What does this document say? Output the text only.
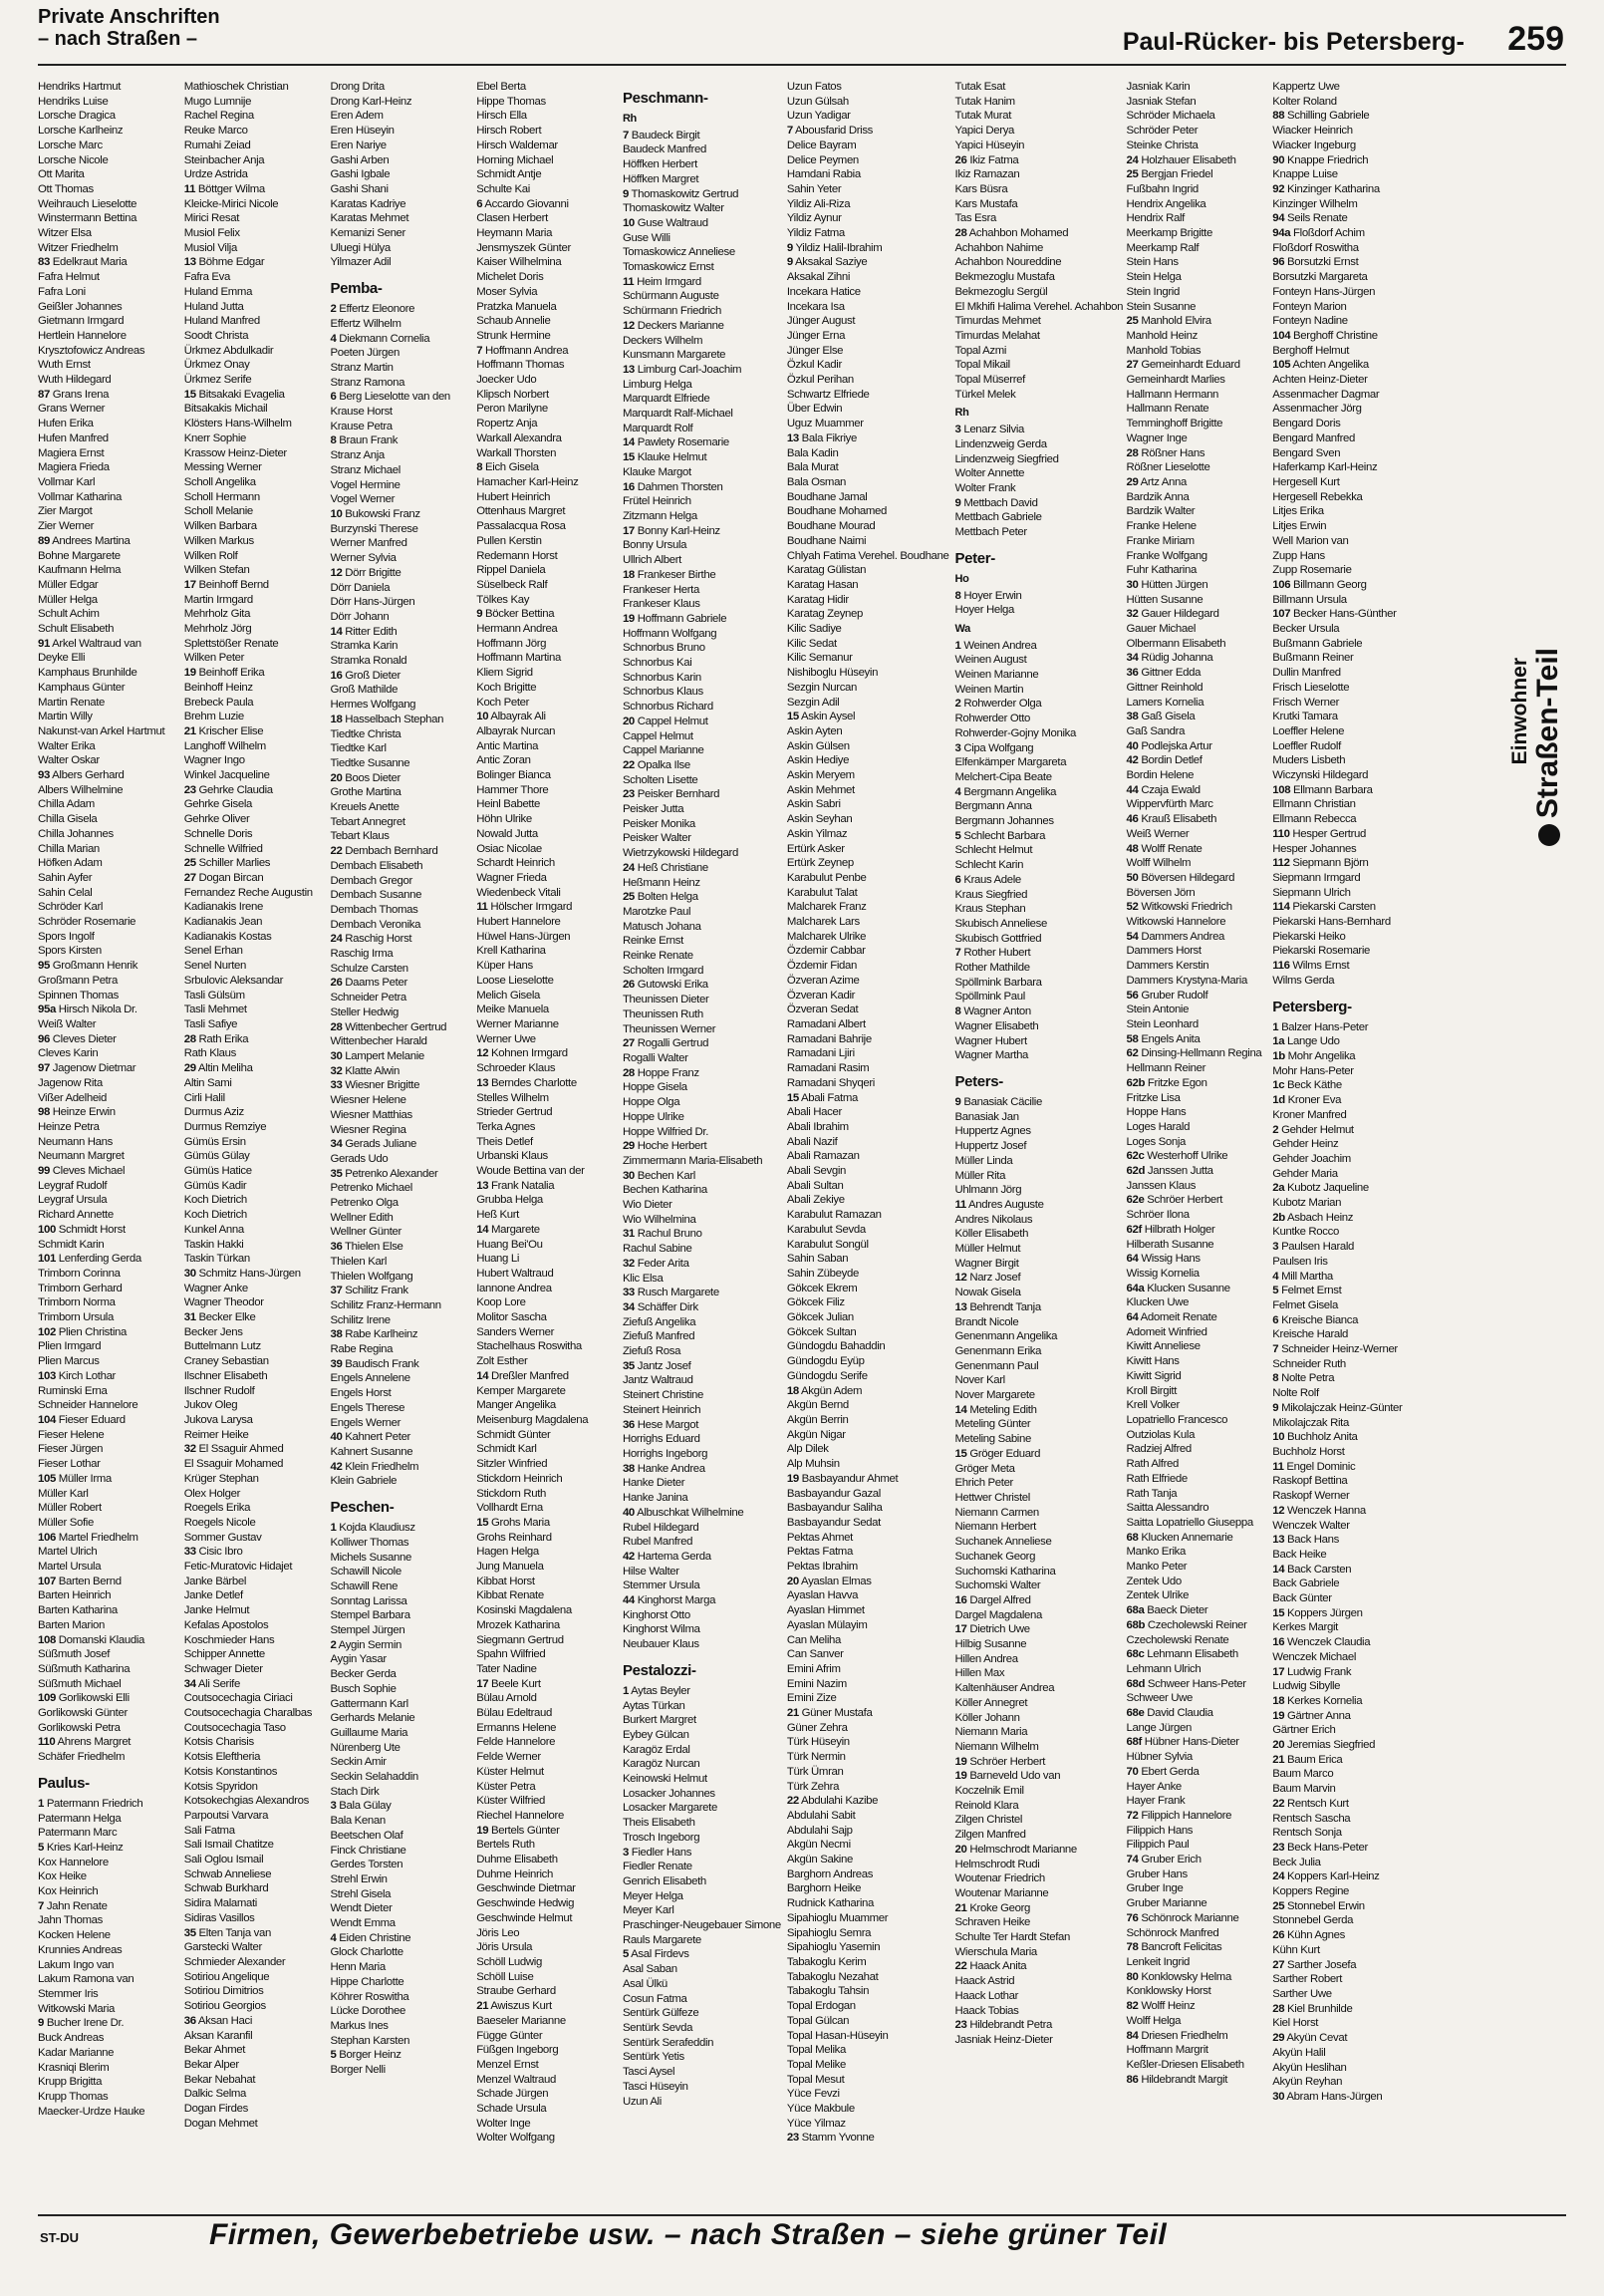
Private Anschriften
– nach Straßen –	Paul-Rücker- bis Petersberg- 259
Hendriks Hartmut
Hendriks Luise
Lorsche Dragica
Lorsche Karlheinz
Lorsche Marc
Lorsche Nicole
Ott Marita
Ott Thomas
Weihrauch Lieselotte
Winstermann Bettina
Witzer Elsa
Witzer Friedhelm
83 Edelkraut Maria
Fafra Helmut
Fafra Loni
Geißler Johannes
Gietmann Irmgard
Hertlein Hannelore
Krysztofowicz Andreas
Wuth Ernst
Wuth Hildegard
87 Grans Irena
Grans Werner
Hufen Erika
Hufen Manfred
Magiera Ernst
Magiera Frieda
Vollmar Karl
Vollmar Katharina
Zier Margot
Zier Werner
89 Andrees Martina
Bohne Margarete
Kaufmann Helma
Müller Edgar
Müller Helga
Schult Achim
Schult Elisabeth
91 Arkel Waltraud van
Deyke Elli
Kamphaus Brunhilde
Kamphaus Günter
Martin Renate
Martin Willy
Nakunst-van Arkel Hartmut
Walter Erika
Walter Oskar
93 Albers Gerhard
Albers Wilhelmine
Chilla Adam
Chilla Gisela
Chilla Johannes
Chilla Marian
Höfken Adam
Sahin Ayfer
Sahin Celal
Schröder Karl
Schröder Rosemarie
Spors Ingolf
Spors Kirsten
95 Großmann Henrik
Großmann Petra
Spinnen Thomas
95a Hirsch Nikola Dr.
Weiß Walter
96 Cleves Dieter
Cleves Karin
97 Jagenow Dietmar
Jagenow Rita
Vißer Adelheid
98 Heinze Erwin
Heinze Petra
Neumann Hans
Neumann Margret
99 Cleves Michael
Leygraf Rudolf
Leygraf Ursula
Richard Annette
100 Schmidt Horst
Schmidt Karin
101 Lenferding Gerda
Trimborn Corinna
Trimborn Gerhard
Trimborn Norma
Trimborn Ursula
102 Plien Christina
Plien Irmgard
Plien Marcus
103 Kirch Lothar
Ruminski Erna
Schneider Hannelore
104 Fieser Eduard
Fieser Helene
Fieser Jürgen
Fieser Lothar
105 Müller Irma
Müller Karl
Müller Robert
Müller Sofie
106 Martel Friedhelm
Martel Ulrich
Martel Ursula
107 Barten Bernd
Barten Heinrich
Barten Katharina
Barten Marion
108 Domanski Klaudia
Süßmuth Josef
Süßmuth Katharina
Süßmuth Michael
109 Gorlikowski Elli
Gorlikowski Günter
Gorlikowski Petra
110 Ahrens Margret
Schäfer Friedhelm
Paulus-
1 Patermann Friedrich
Patermann Helga
Patermann Marc
5 Kries Karl-Heinz
Kox Hannelore
Kox Heike
Kox Heinrich
7 Jahn Renate
Jahn Thomas
Kocken Helene
Krunnies Andreas
Lakum Ingo van
Lakum Ramona van
Stemmer Iris
Witkowski Maria
9 Bucher Irene Dr.
Buck Andreas
Kadar Marianne
Krasniqi Blerim
Krupp Brigitta
Krupp Thomas
Maecker-Urdze Hauke
Mathioschek Christian
Mugo Lumnije
Rachel Regina
Reuke Marco
Rumahi Zeiad
Steinbacher Anja
Urdze Astrida
11 Böttger Wilma
Kleicke-Mirici Nicole
Mirici Resat
Musiol Felix
Musiol Vilja
13 Böhme Edgar
Fafra Eva
Huland Emma
Huland Jutta
Huland Manfred
Soodt Christa
Ürkmez Abdulkadir
Ürkmez Onay
Ürkmez Serife
15 Bitsakaki Evagelia
Bitsakakis Michail
Klösters Hans-Wilhelm
Knerr Sophie
Krassow Heinz-Dieter
Messing Werner
Scholl Angelika
Scholl Hermann
Scholl Melanie
Wilken Barbara
Wilken Markus
Wilken Rolf
Wilken Stefan
17 Beinhoff Bernd
Martin Irmgard
Mehrholz Gita
Mehrholz Jörg
Splettstößer Renate
Wilken Peter
19 Beinhoff Erika
Beinhoff Heinz
Brebeck Paula
Brehm Luzie
21 Krischer Elise
Langhoff Wilhelm
Wagner Ingo
Winkel Jacqueline
23 Gehrke Claudia
Gehrke Gisela
Gehrke Oliver
Schnelle Doris
Schnelle Wilfried
25 Schiller Marlies
27 Dogan Bircan
Fernandez Reche Augustin
Kadianakis Irene
Kadianakis Jean
Kadianakis Kostas
Senel Erhan
Senel Nurten
Srbulovic Aleksandar
Tasli Gülsüm
Tasli Mehmet
Tasli Safiye
28 Rath Erika
Rath Klaus
29 Altin Meliha
Altin Sami
Cirli Halil
Durmus Aziz
Durmus Remziye
Gümüs Ersin
Gümüs Gülay
Gümüs Hatice
Gümüs Kadir
Koch Dietrich
Koch Dietrich
Kunkel Anna
Taskin Hakki
Taskin Türkan
30 Schmitz Hans-Jürgen
Wagner Anke
Wagner Theodor
31 Becker Elke
Becker Jens
Buttelmann Lutz
Craney Sebastian
Ilschner Elisabeth
Ilschner Rudolf
Jukov Oleg
Jukova Larysa
Reimer Heike
32 El Ssaguir Ahmed
El Ssaguir Mohamed
Krüger Stephan
Olex Holger
Roegels Erika
Roegels Nicole
Sommer Gustav
33 Cisic Ibro
Fetic-Muratovic Hidajet
Janke Bärbel
Janke Detlef
Janke Helmut
Kefalas Apostolos
Koschmieder Hans
Schipper Annette
Schwager Dieter
34 Ali Serife
Coutsocechagia Ciriaci
Coutsocechagia Charalbas
Coutsocechagia Taso
Kotsis Charisis
Kotsis Eleftheria
Kotsis Konstantinos
Kotsis Spyridon
Kotsokechgias Alexandros
Parpoutsi Varvara
Sali Fatma
Sali Ismail Chatitze
Sali Oglou Ismail
Schwab Anneliese
Schwab Burkhard
Sidira Malamati
Sidiras Vasillos
35 Elten Tanja van
Garstecki Walter
Schmieder Alexander
Sotiriou Angelique
Sotiriou Dimitrios
Sotiriou Georgios
36 Aksan Haci
Aksan Karanfil
Bekar Ahmet
Bekar Alper
Bekar Nebahat
Dalkic Selma
Dogan Firdes
Dogan Mehmet
Drong Drita
Drong Karl-Heinz
Eren Adem
Eren Hüseyin
Eren Nariye
Gashi Arben
Gashi Igbale
Gashi Shani
Karatas Kadriye
Karatas Mehmet
Kemanizi Sener
Uluegi Hülya
Yilmazer Adil
Pemba-
2 Effertz Eleonore
Effertz Wilhelm
4 Diekmann Cornelia
Poeten Jürgen
Stranz Martin
Stranz Ramona
6 Berg Lieselotte van den
Krause Horst
Krause Petra
8 Braun Frank
Stranz Anja
Stranz Michael
Vogel Hermine
Vogel Werner
10 Bukowski Franz
Burzynski Therese
Werner Manfred
Werner Sylvia
12 Dörr Brigitte
Dörr Daniela
Dörr Hans-Jürgen
Dörr Johann
14 Ritter Edith
Stramka Karin
Stramka Ronald
16 Groß Dieter
Groß Mathilde
Hermes Wolfgang
18 Hasselbach Stephan
Tiedtke Christa
Tiedtke Karl
Tiedtke Susanne
20 Boos Dieter
Grothe Martina
Kreuels Anette
Tebart Annegret
Tebart Klaus
22 Dembach Bernhard
Dembach Elisabeth
Dembach Gregor
Dembach Susanne
Dembach Thomas
Dembach Veronika
24 Raschig Horst
Raschig Irma
Schulze Carsten
26 Daams Peter
Schneider Petra
Steller Hedwig
28 Wittenbecher Gertrud
Wittenbecher Harald
30 Lampert Melanie
32 Klatte Alwin
33 Wiesner Brigitte
Wiesner Helene
Wiesner Matthias
Wiesner Regina
34 Gerads Juliane
Gerads Udo
35 Petrenko Alexander
Petrenko Michael
Petrenko Olga
Wellner Edith
Wellner Günter
36 Thielen Else
Thielen Karl
Thielen Wolfgang
37 Schilitz Frank
Schilitz Franz-Hermann
Schilitz Irene
38 Rabe Karlheinz
Rabe Regina
39 Baudisch Frank
Engels Annelene
Engels Horst
Engels Therese
Engels Werner
40 Kahnert Peter
Kahnert Susanne
42 Klein Friedhelm
Klein Gabriele
Peschen-
1 Kojda Klaudiusz
Kolliwer Thomas
Michels Susanne
Schawill Nicole
Schawill Rene
Sonntag Larissa
Stempel Barbara
Stempel Jürgen
2 Aygin Sermin
Aygin Yasar
Becker Gerda
Busch Sophie
Gattermann Karl
Gerhards Melanie
Guillaume Maria
Nürenberg Ute
Seckin Amir
Seckin Selahaddin
Stach Dirk
3 Bala Gülay
Bala Kenan
Beetschen Olaf
Finck Christiane
Gerdes Torsten
Strehl Erwin
Strehl Gisela
Wendt Dieter
Wendt Emma
4 Eiden Christine
Glock Charlotte
Henn Maria
Hippe Charlotte
Köhrer Roswitha
Lücke Dorothee
Markus Ines
Stephan Karsten
5 Borger Heinz
Borger Nelli
Ebel Berta
Hippe Thomas
Hirsch Ella
Hirsch Robert
Hirsch Waldemar
Horning Michael
Schmidt Antje
Schulte Kai
6 Accardo Giovanni
Clasen Herbert
Heymann Maria
Jensmyszek Günter
Kaiser Wilhelmina
Michelet Doris
Moser Sylvia
Pratzka Manuela
Schaub Annelie
Strunk Hermine
7 Hoffmann Andrea
Hoffmann Thomas
Joecker Udo
Klipsch Norbert
Peron Marilyne
Ropertz Anja
Warkall Alexandra
Warkall Thorsten
8 Eich Gisela
Hamacher Karl-Heinz
Hubert Heinrich
Ottenhaus Margret
Passalacqua Rosa
Pullen Kerstin
Redemann Horst
Rippel Daniela
Süselbeck Ralf
Tölkes Kay
9 Böcker Bettina
Hermann Andrea
Hoffmann Jörg
Hoffmann Martina
Kliem Sigrid
Koch Brigitte
Koch Peter
10 Albayrak Ali
Albayrak Nurcan
Antic Martina
Antic Zoran
Bolinger Bianca
Hammer Thore
Heinl Babette
Höhn Ulrike
Nowald Jutta
Osiac Nicolae
Schardt Heinrich
Wagner Frieda
Wiedenbeck Vitali
11 Hölscher Irmgard
Hubert Hannelore
Hüwel Hans-Jürgen
Krell Katharina
Küper Hans
Loose Lieselotte
Melich Gisela
Meike Manuela
Werner Marianne
Werner Uwe
12 Kohnen Irmgard
Schroeder Klaus
13 Berndes Charlotte
Stelles Wilhelm
Strieder Gertrud
Terka Agnes
Theis Detlef
Urbanski Klaus
Woude Bettina van der
13 Frank Natalia
Grubba Helga
Heß Kurt
14 Margarete
Huang Bei'Ou
Huang Li
Hubert Waltraud
Iannone Andrea
Koop Lore
Molitor Sascha
Sanders Werner
Stachelhaus Roswitha
Zolt Esther
14 Dreßler Manfred
Kemper Margarete
Manger Angelika
Meisenburg Magdalena
Schmidt Günter
Schmidt Karl
Sitzler Winfried
Stickdorn Heinrich
Stickdorn Ruth
Vollhardt Erna
15 Grohs Maria
Grohs Reinhard
Hagen Helga
Jung Manuela
Kibbat Horst
Kibbat Renate
Kosinski Magdalena
Mrozek Katharina
Siegmann Gertrud
Spahn Wilfried
Tater Nadine
17 Beele Kurt
Bülau Arnold
Bülau Edeltraud
Ermanns Helene
Felde Hannelore
Felde Werner
Küster Helmut
Küster Petra
Küster Wilfried
Riechel Hannelore
19 Bertels Günter
Bertels Ruth
Duhme Elisabeth
Duhme Heinrich
Geschwinde Dietmar
Geschwinde Hedwig
Geschwinde Helmut
Jöris Leo
Jöris Ursula
Schöll Ludwig
Schöll Luise
Straube Gerhard
21 Awiszus Kurt
Baeseler Marianne
Függe Günter
Füßgen Ingeborg
Menzel Ernst
Menzel Waltraud
Schade Jürgen
Schade Ursula
Wolter Inge
Wolter Wolfgang
Peschmann-
Rh
7 Baudeck Birgit
Baudeck Manfred
Höffken Herbert
Höffken Margret
9 Thomaskowitz Gertrud
Thomaskowitz Walter
10 Guse Waltraud
Guse Willi
Tomaskowicz Anneliese
Tomaskowicz Ernst
11 Heim Irmgard
Schürmann Auguste
Schürmann Friedrich
12 Deckers Marianne
Deckers Wilhelm
Kunsmann Margarete
13 Limburg Carl-Joachim
Limburg Helga
Marquardt Elfriede
Marquardt Ralf-Michael
Marquardt Rolf
14 Pawlety Rosemarie
15 Klauke Helmut
Klauke Margot
16 Dahmen Thorsten
Frütel Heinrich
Zitzmann Helga
17 Bonny Karl-Heinz
Bonny Ursula
Ullrich Albert
18 Frankeser Birthe
Frankeser Herta
Frankeser Klaus
19 Hoffmann Gabriele
Hoffmann Wolfgang
Schnorbus Bruno
Schnorbus Kai
Schnorbus Karin
Schnorbus Klaus
Schnorbus Richard
20 Cappel Helmut
Cappel Helmut
Cappel Marianne
22 Opalka Ilse
Scholten Lisette
23 Peisker Bernhard
Peisker Jutta
Peisker Monika
Peisker Walter
Wietrzykowski Hildegard
24 Heß Christiane
Heßmann Heinz
25 Bolten Helga
Marotzke Paul
Matusch Johana
Reinke Ernst
Reinke Renate
Scholten Irmgard
26 Gutowski Erika
Theunissen Dieter
Theunissen Ruth
Theunissen Werner
27 Rogalli Gertrud
Rogalli Walter
28 Hoppe Franz
Hoppe Gisela
Hoppe Olga
Hoppe Ulrike
Hoppe Wilfried Dr.
29 Hoche Herbert
Zimmermann Maria-Elisabeth
30 Bechen Karl
Bechen Katharina
Wio Dieter
Wio Wilhelmina
31 Rachul Bruno
Rachul Sabine
32 Feder Arita
Klic Elsa
33 Rusch Margarete
34 Schäffer Dirk
Ziefuß Angelika
Ziefuß Manfred
Ziefuß Rosa
35 Jantz Josef
Jantz Waltraud
Steinert Christine
Steinert Heinrich
36 Hese Margot
Horrighs Eduard
Horrighs Ingeborg
38 Hanke Andrea
Hanke Dieter
Hanke Janina
40 Albuschkat Wilhelmine
Rubel Hildegard
Rubel Manfred
42 Hartema Gerda
Hilse Walter
Stemmer Ursula
44 Kinghorst Marga
Kinghorst Otto
Kinghorst Wilma
Neubauer Klaus
Pestalozzi-
1 Aytas Beyler
Aytas Türkan
Burkert Margret
Eybey Gülcan
Karagöz Erdal
Karagöz Nurcan
Keinowski Helmut
Losacker Johannes
Losacker Margarete
Theis Elisabeth
Trosch Ingeborg
3 Fiedler Hans
Fiedler Renate
Genrich Elisabeth
Meyer Helga
Meyer Karl
Praschinger-Neugebauer Simone
Rauls Margarete
5 Asal Firdevs
Asal Saban
Asal Ülkü
Cosun Fatma
Sentürk Gülfeze
Sentürk Sevda
Sentürk Serafeddin
Sentürk Yetis
Tasci Aysel
Tasci Hüseyin
Uzun Ali
Uzun Fatos
Uzun Gülsah
Uzun Yadigar
7 Abousfarid Driss
Delice Bayram
Delice Peymen
Hamdani Rabia
Sahin Yeter
Yildiz Ali-Riza
Yildiz Aynur
Yildiz Fatma
9 Yildiz Halil-Ibrahim
9 Aksakal Saziye
Aksakal Zihni
Incekara Hatice
Incekara Isa
Jünger August
Jünger Erna
Jünger Else
Özkul Kadir
Özkul Perihan
Schwartz Elfriede
Über Edwin
Uguz Muammer
13 Bala Fikriye
Bala Kadin
Bala Murat
Bala Osman
Boudhane Jamal
Boudhane Mohamed
Boudhane Mourad
Boudhane Naimi
Chlyah Fatima Verehel. Boudhane
Karatag Gülistan
Karatag Hasan
Karatag Hidir
Karatag Zeynep
Kilic Sadiye
Kilic Sedat
Kilic Semanur
Nishiboglu Hüseyin
Sezgin Nurcan
Sezgin Adil
15 Askin Aysel
Askin Ayten
Askin Gülsen
Askin Hediye
Askin Meryem
Askin Mehmet
Askin Sabri
Askin Seyhan
Askin Yilmaz
Ertürk Asker
Ertürk Zeynep
Karabulut Penbe
Karabulut Talat
Malcharek Franz
Malcharek Lars
Malcharek Ulrike
Özdemir Cabbar
Özdemir Fidan
Özveran Azime
Özveran Kadir
Özveran Sedat
Ramadani Albert
Ramadani Bahrije
Ramadani Ljiri
Ramadani Rasim
Ramadani Shyqeri
15 Abali Fatma
Abali Hacer
Abali Ibrahim
Abali Nazif
Abali Ramazan
Abali Sevgin
Abali Sultan
Abali Zekiye
Karabulut Ramazan
Karabulut Sevda
Karabulut Songül
Sahin Saban
Sahin Zübeyde
Gökcek Ekrem
Gökcek Filiz
Gökcek Julian
Gökcek Sultan
Gündogdu Bahaddin
Gündogdu Eyüp
Gündogdu Serife
18 Akgün Adem
Akgün Bernd
Akgün Berrin
Akgün Nigar
Alp Dilek
Alp Muhsin
19 Basbayandur Ahmet
Basbayandur Gazal
Basbayandur Saliha
Basbayandur Sedat
Pektas Ahmet
Pektas Fatma
Pektas Ibrahim
20 Ayaslan Elmas
Ayaslan Havva
Ayaslan Himmet
Ayaslan Mülayim
Can Meliha
Can Sanver
Emini Afrim
Emini Nazim
Emini Zize
21 Güner Mustafa
Güner Zehra
Türk Hüseyin
Türk Nermin
Türk Ümran
Türk Zehra
22 Abdulahi Kazibe
Abdulahi Sabit
Abdulahi Sajp
Akgün Necmi
Akgün Sakine
Barghorn Andreas
Barghorn Heike
Rudnick Katharina
Sipahioglu Muammer
Sipahioglu Semra
Sipahioglu Yasemin
Tabakoglu Kerim
Tabakoglu Nezahat
Tabakoglu Tahsin
Topal Erdogan
Topal Gülcan
Topal Hasan-Hüseyin
Topal Melika
Topal Melike
Topal Mesut
Yüce Fevzi
Yüce Makbule
Yüce Yilmaz
23 Stamm Yvonne
Tutak Esat
Tutak Hanim
Tutak Murat
Yapici Derya
Yapici Hüseyin
26 Ikiz Fatma
Ikiz Ramazan
Kars Büsra
Kars Mustafa
Tas Esra
28 Achahbon Mohamed
Achahbon Nahime
Achahbon Noureddine
Bekmezoglu Mustafa
Bekmezoglu Sergül
El Mkhifi Halima Verehel. Achahbon
Timurdas Mehmet
Timurdas Melahat
Topal Azmi
Topal Mikail
Topal Müserref
Türkel Melek
Rh
3 Lenarz Silvia
Lindenzweig Gerda
Lindenzweig Siegfried
Wolter Annette
Wolter Frank
9 Mettbach David
Mettbach Gabriele
Mettbach Peter
Peter-
Ho
8 Hoyer Erwin
Hoyer Helga
Wa
1 Weinen Andrea
Weinen August
Weinen Marianne
Weinen Martin
2 Rohwerder Olga
Rohwerder Otto
Rohwerder-Gojny Monika
3 Cipa Wolfgang
Elfenkämper Margareta
Melchert-Cipa Beate
4 Bergmann Angelika
Bergmann Anna
Bergmann Johannes
5 Schlecht Barbara
Schlecht Helmut
Schlecht Karin
6 Kraus Adele
Kraus Siegfried
Kraus Stephan
Skubisch Anneliese
Skubisch Gottfried
7 Rother Hubert
Rother Mathilde
Spöllmink Barbara
Spöllmink Paul
8 Wagner Anton
Wagner Elisabeth
Wagner Hubert
Wagner Martha
Peters-
9 Banasiak Cäcilie
Banasiak Jan
Huppertz Agnes
Huppertz Josef
Müller Linda
Müller Rita
Uhlmann Jörg
11 Andres Auguste
Andres Nikolaus
Köller Elisabeth
Müller Helmut
Wagner Birgit
12 Narz Josef
Nowak Gisela
13 Behrendt Tanja
Brandt Nicole
Genenmann Angelika
Genenmann Erika
Genenmann Paul
Nover Karl
Nover Margarete
14 Meteling Edith
Meteling Günter
Meteling Sabine
15 Gröger Eduard
Gröger Meta
Ehrich Peter
Hettwer Christel
Niemann Carmen
Niemann Herbert
Suchanek Anneliese
Suchanek Georg
Suchomski Katharina
Suchomski Walter
16 Dargel Alfred
Dargel Magdalena
17 Dietrich Uwe
Hilbig Susanne
Hillen Andrea
Hillen Max
Kaltenhäuser Andrea
Köller Annegret
Köller Johann
Niemann Maria
Niemann Wilhelm
19 Schröer Herbert
19 Barneveld Udo van
Koczelnik Emil
Reinold Klara
Zilgen Christel
Zilgen Manfred
20 Helmschrodt Marianne
Helmschrodt Rudi
Woutenar Friedrich
Woutenar Marianne
21 Kroke Georg
Schraven Heike
Schulte Ter Hardt Stefan
Wierschula Maria
22 Haack Anita
Haack Astrid
Haack Lothar
Haack Tobias
23 Hildebrandt Petra
Jasniak Heinz-Dieter
Jasniak Karin
Jasniak Stefan
Schröder Michaela
Schröder Peter
Steinke Christa
24 Holzhauer Elisabeth
25 Bergjan Friedel
Fußbahn Ingrid
Hendrix Angelika
Hendrix Ralf
Meerkamp Brigitte
Meerkamp Ralf
Stein Hans
Stein Helga
Stein Ingrid
Stein Susanne
25 Manhold Elvira
Manhold Heinz
Manhold Tobias
27 Gemeinhardt Eduard
Gemeinhardt Marlies
Hallmann Hermann
Hallmann Renate
Temminghoff Brigitte
Wagner Inge
28 Rößner Hans
Rößner Lieselotte
29 Artz Anna
Bardzik Anna
Bardzik Walter
Franke Helene
Franke Miriam
Franke Wolfgang
Fuhr Katharina
30 Hütten Jürgen
Hütten Susanne
32 Gauer Hildegard
Gauer Michael
Olbermann Elisabeth
34 Rüdig Johanna
36 Gittner Edda
Gittner Reinhold
Lamers Kornelia
38 Gaß Gisela
Gaß Sandra
40 Podlejska Artur
42 Bordin Detlef
Bordin Helene
44 Czaja Ewald
Wippervfürth Marc
46 Krauß Elisabeth
Weiß Werner
48 Wolff Renate
Wolff Wilhelm
50 Böversen Hildegard
Böversen Jörn
52 Witkowski Friedrich
Witkowski Hannelore
54 Dammers Andrea
Dammers Horst
Dammers Kerstin
Dammers Krystyna-Maria
56 Gruber Rudolf
Stein Antonie
Stein Leonhard
58 Engels Anita
62 Dinsing-Hellmann Regina
Hellmann Reiner
62b Fritzke Egon
Fritzke Lisa
Hoppe Hans
Loges Harald
Loges Sonja
62c Westerhoff Ulrike
62d Janssen Jutta
Janssen Klaus
62e Schröer Herbert
Schröer Ilona
62f Hilbrath Holger
Hilberath Susanne
64 Wissig Hans
Wissig Kornelia
64a Klucken Susanne
Klucken Uwe
64 Adomeit Renate
Adomeit Winfried
Kiwitt Anneliese
Kiwitt Hans
Kiwitt Sigrid
Kroll Birgitt
Krell Volker
Lopatriello Francesco
Outziolas Kula
Radziej Alfred
Rath Alfred
Rath Elfriede
Rath Tanja
Saitta Alessandro
Saitta Lopatriello Giuseppa
68 Klucken Annemarie
Manko Erika
Manko Peter
Zentek Udo
Zentek Ulrike
68a Baeck Dieter
68b Czecholewski Reiner
Czecholewski Renate
68c Lehmann Elisabeth
Lehmann Ulrich
68d Schweer Hans-Peter
Schweer Uwe
68e David Claudia
Lange Jürgen
68f Hübner Hans-Dieter
Hübner Sylvia
70 Ebert Gerda
Hayer Anke
Hayer Frank
72 Filippich Hannelore
Filippich Hans
Filippich Paul
74 Gruber Erich
Gruber Hans
Gruber Inge
Gruber Marianne
76 Schönrock Marianne
Schönrock Manfred
78 Bancroft Felicitas
Lenkeit Ingrid
80 Konklowsky Helma
Konklowsky Horst
82 Wolff Heinz
Wolff Helga
84 Driesen Friedhelm
Hoffmann Margrit
Keßler-Driesen Elisabeth
86 Hildebrandt Margit
Kappertz Uwe
Kolter Roland
88 Schilling Gabriele
Wiacker Heinrich
Wiacker Ingeburg
90 Knappe Friedrich
Knappe Luise
92 Kinzinger Katharina
Kinzinger Wilhelm
94 Seils Renate
94a Floßdorf Achim
Floßdorf Roswitha
96 Borsutzki Ernst
Borsutzki Margareta
Fonteyn Hans-Jürgen
Fonteyn Marion
Fonteyn Nadine
104 Berghoff Christine
Berghoff Helmut
105 Achten Angelika
Achten Heinz-Dieter
Assenmacher Dagmar
Assenmacher Jörg
Bengard Doris
Bengard Manfred
Bengard Sven
Haferkamp Karl-Heinz
Hergesell Kurt
Hergesell Rebekka
Litjes Erika
Litjes Erwin
Well Marion van
Zupp Hans
Zupp Rosemarie
106 Billmann Georg
Billmann Ursula
107 Becker Hans-Günther
Becker Ursula
Bußmann Gabriele
Bußmann Reiner
Dullin Manfred
Frisch Lieselotte
Frisch Werner
Krutki Tamara
Loeffler Helene
Loeffler Rudolf
Muders Lisbeth
Wiczynski Hildegard
108 Ellmann Barbara
Ellmann Christian
Ellmann Rebecca
110 Hesper Gertrud
Hesper Johannes
112 Siepmann Björn
Siepmann Irmgard
Siepmann Ulrich
114 Piekarski Carsten
Piekarski Hans-Bernhard
Piekarski Heiko
Piekarski Rosemarie
116 Wilms Ernst
Wilms Gerda
Petersberg-
1 Balzer Hans-Peter
1a Lange Udo
1b Mohr Angelika
Mohr Hans-Peter
1c Beck Käthe
1d Kroner Eva
Kroner Manfred
2 Gehder Helmut
Gehder Heinz
Gehder Joachim
Gehder Maria
2a Kubotz Jaqueline
Kubotz Marian
2b Asbach Heinz
Kuntke Rocco
3 Paulsen Harald
Paulsen Iris
4 Mill Martha
5 Felmet Ernst
Felmet Gisela
6 Kreische Bianca
Kreische Harald
7 Schneider Heinz-Werner
Schneider Ruth
8 Nolte Petra
Nolte Rolf
9 Mikolajczak Heinz-Günter
Mikolajczak Rita
10 Buchholz Anita
Buchholz Horst
11 Engel Dominic
Raskopf Bettina
Raskopf Werner
12 Wenczek Hanna
Wenczek Walter
13 Back Hans
Back Heike
14 Back Carsten
Back Gabriele
Back Günter
15 Koppers Jürgen
Kerkes Margit
16 Wenczek Claudia
Wenczek Michael
17 Ludwig Frank
Ludwig Sibylle
18 Kerkes Kornelia
19 Gärtner Anna
Gärtner Erich
20 Jeremias Siegfried
21 Baum Erica
Baum Marco
Baum Marvin
22 Rentsch Kurt
Rentsch Sascha
Rentsch Sonja
23 Beck Hans-Peter
Beck Julia
24 Koppers Karl-Heinz
Koppers Regine
25 Stonnebel Erwin
Stonnebel Gerda
26 Kühn Agnes
Kühn Kurt
27 Sarther Josefa
Sarther Robert
Sarther Uwe
28 Kiel Brunhilde
Kiel Horst
29 Akyün Cevat
Akyün Halil
Akyün Heslihan
Akyün Reyhan
30 Abram Hans-Jürgen
Einwohner Straßen-Teil
ST-DU	Firmen, Gewerbebetriebe usw. – nach Straßen – siehe grüner Teil
